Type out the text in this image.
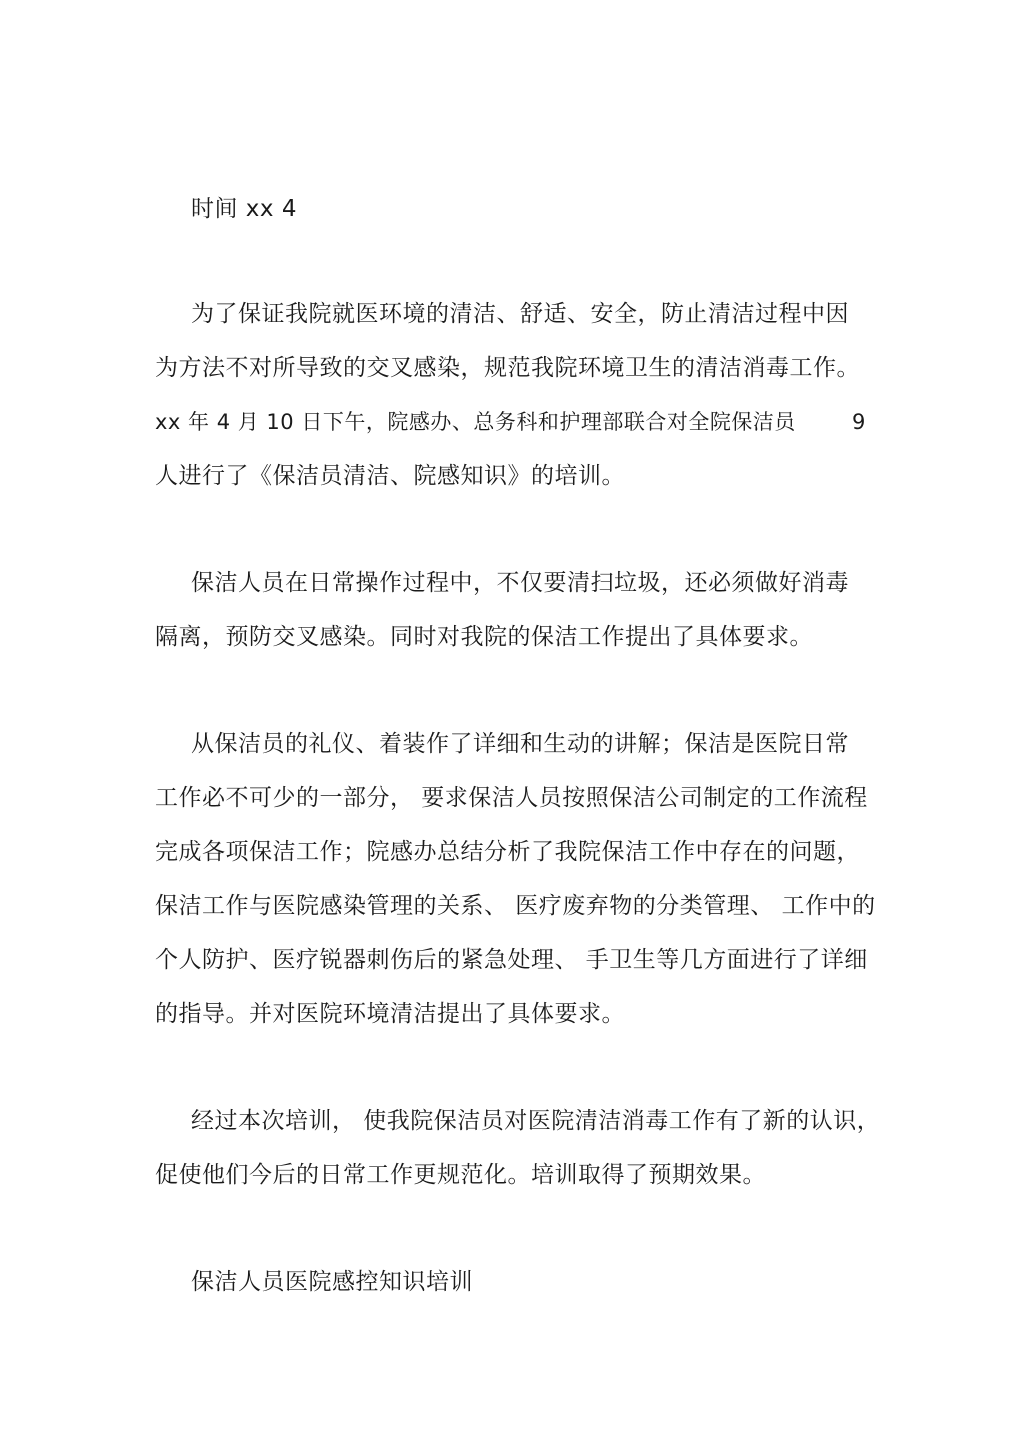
时间 xx 4
为了保证我院就医环境的清洁、舒适、安全，防止清洁过程中因
为方法不对所导致的交叉感染，规范我院环境卫生的清洁消毒工作。
xx 年 4 月 10 日下午，院感办、总务科和护理部联合对全院保洁员	9
人进行了《保洁员清洁、院感知识》的培训。
保洁人员在日常操作过程中，不仅要清扫垃圾，还必须做好消毒
隔离，预防交叉感染。同时对我院的保洁工作提出了具体要求。
从保洁员的礼仪、着装作了详细和生动的讲解；保洁是医院日常
工作必不可少的一部分， 要求保洁人员按照保洁公司制定的工作流程
完成各项保洁工作；院感办总结分析了我院保洁工作中存在的问题，
保洁工作与医院感染管理的关系、 医疗废弃物的分类管理、 工作中的
个人防护、医疗锐器刺伤后的紧急处理、 手卫生等几方面进行了详细
的指导。并对医院环境清洁提出了具体要求。
经过本次培训， 使我院保洁员对医院清洁消毒工作有了新的认识，
促使他们今后的日常工作更规范化。培训取得了预期效果。
保洁人员医院感控知识培训
